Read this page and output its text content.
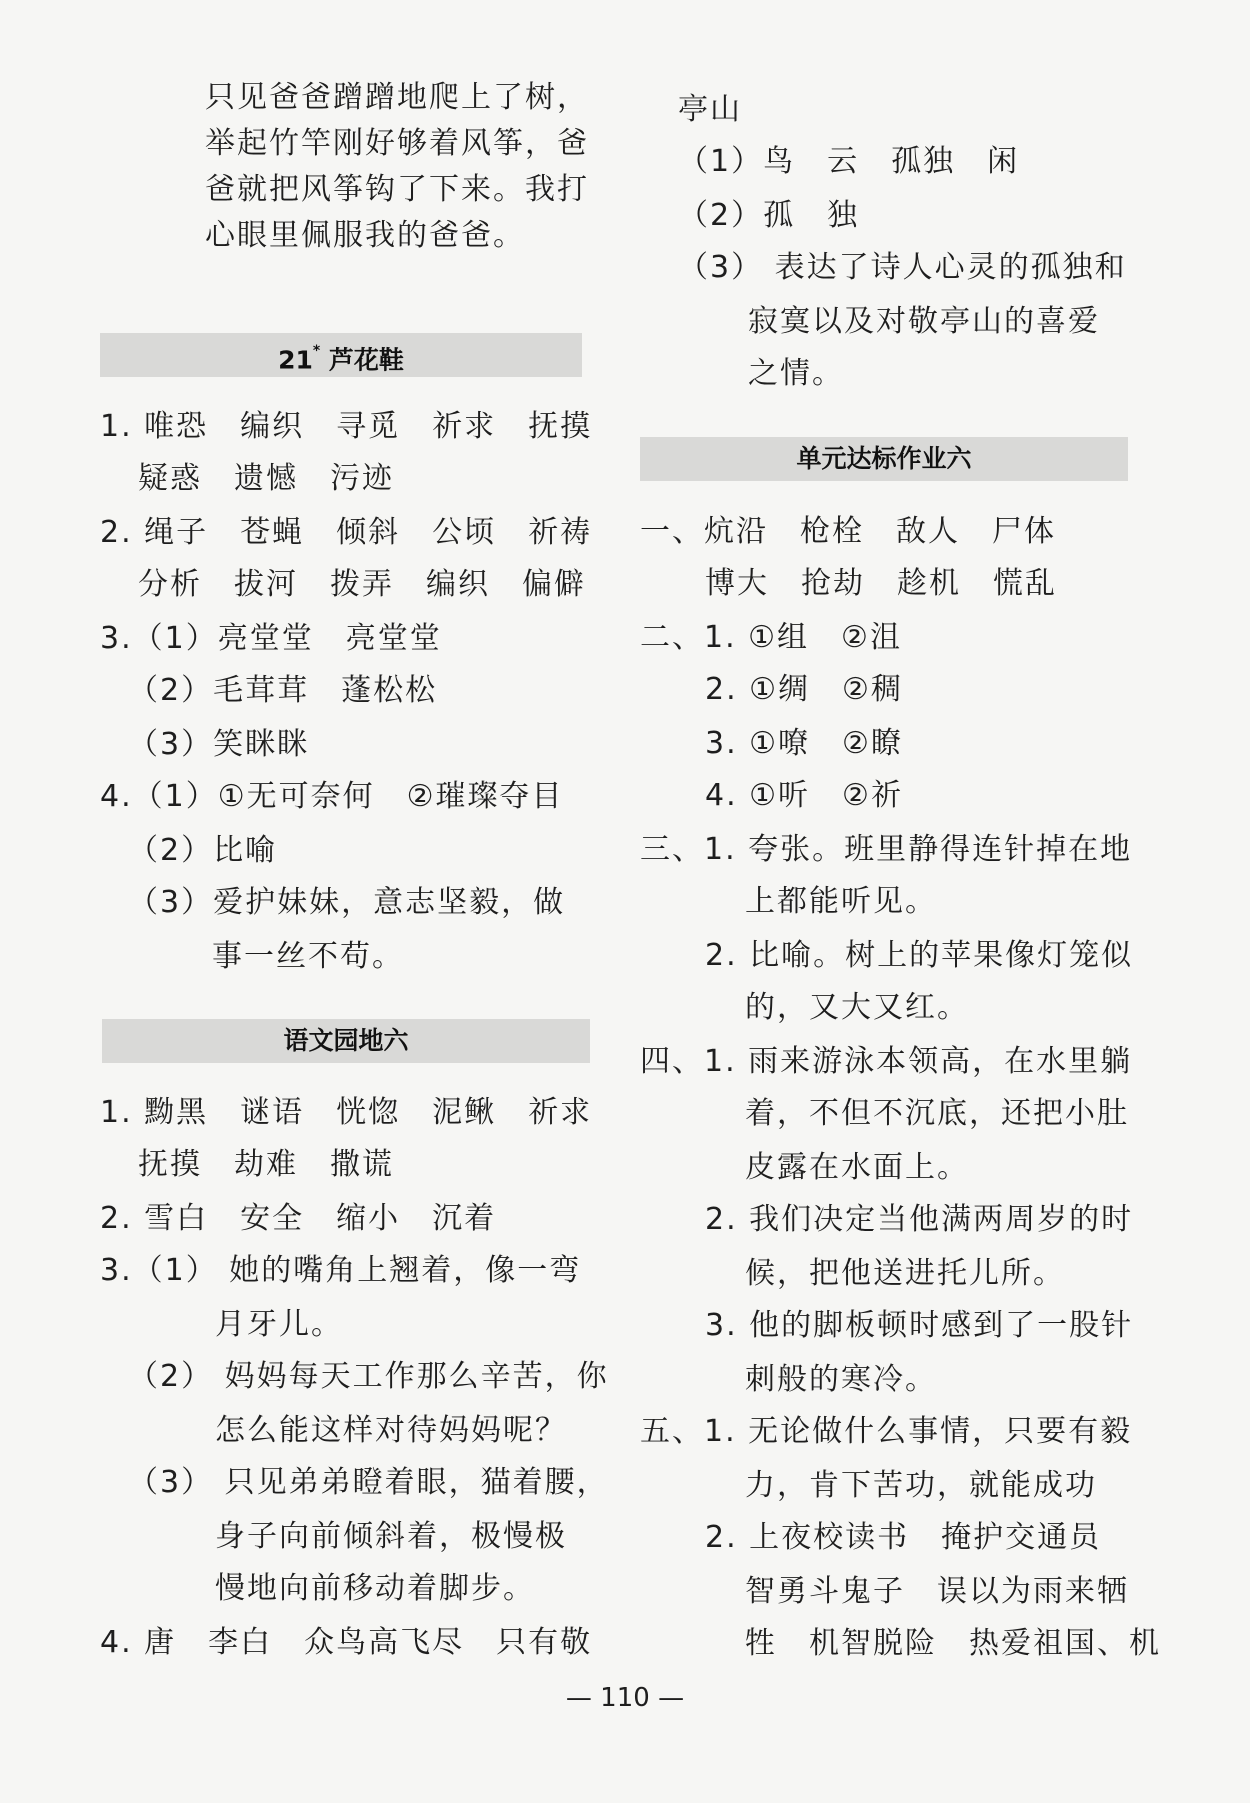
只见爸爸蹭蹭地爬上了树，
举起竹竿刚好够着风筝，爸
爸就把风筝钩了下来。我打
心眼里佩服我的爸爸。
21* 芦花鞋
1. 唯恐　编织　寻觅　祈求　抚摸
疑惑　遗憾　污迹
2. 绳子　苍蝇　倾斜　公顷　祈祷
分析　拔河　拨弄　编织　偏僻
3.（1）亮堂堂　亮堂堂
（2）毛茸茸　蓬松松
（3）笑眯眯
4.（1）①无可奈何　②璀璨夺目
（2）比喻
（3）爱护妹妹，意志坚毅，做
事一丝不苟。
语文园地六
1. 黝黑　谜语　恍惚　泥鳅　祈求
抚摸　劫难　撒谎
2. 雪白　安全　缩小　沉着
3.（1） 她的嘴角上翘着，像一弯
月牙儿。
（2） 妈妈每天工作那么辛苦，你
怎么能这样对待妈妈呢？
（3） 只见弟弟瞪着眼，猫着腰，
身子向前倾斜着，极慢极
慢地向前移动着脚步。
4. 唐　李白　众鸟高飞尽　只有敬
亭山
（1）鸟　云　孤独　闲
（2）孤　独
（3） 表达了诗人心灵的孤独和
寂寞以及对敬亭山的喜爱
之情。
单元达标作业六
一、炕沿　枪栓　敌人　尸体
博大　抢劫　趁机　慌乱
二、1. ①组　②沮
2. ①绸　②稠
3. ①嘹　②瞭
4. ①听　②祈
三、1. 夸张。班里静得连针掉在地
上都能听见。
2. 比喻。树上的苹果像灯笼似
的，又大又红。
四、1. 雨来游泳本领高，在水里躺
着，不但不沉底，还把小肚
皮露在水面上。
2. 我们决定当他满两周岁的时
候，把他送进托儿所。
3. 他的脚板顿时感到了一股针
刺般的寒冷。
五、1. 无论做什么事情，只要有毅
力，肯下苦功，就能成功
2. 上夜校读书　掩护交通员
智勇斗鬼子　误以为雨来牺
牲　机智脱险　热爱祖国、机
— 110 —
